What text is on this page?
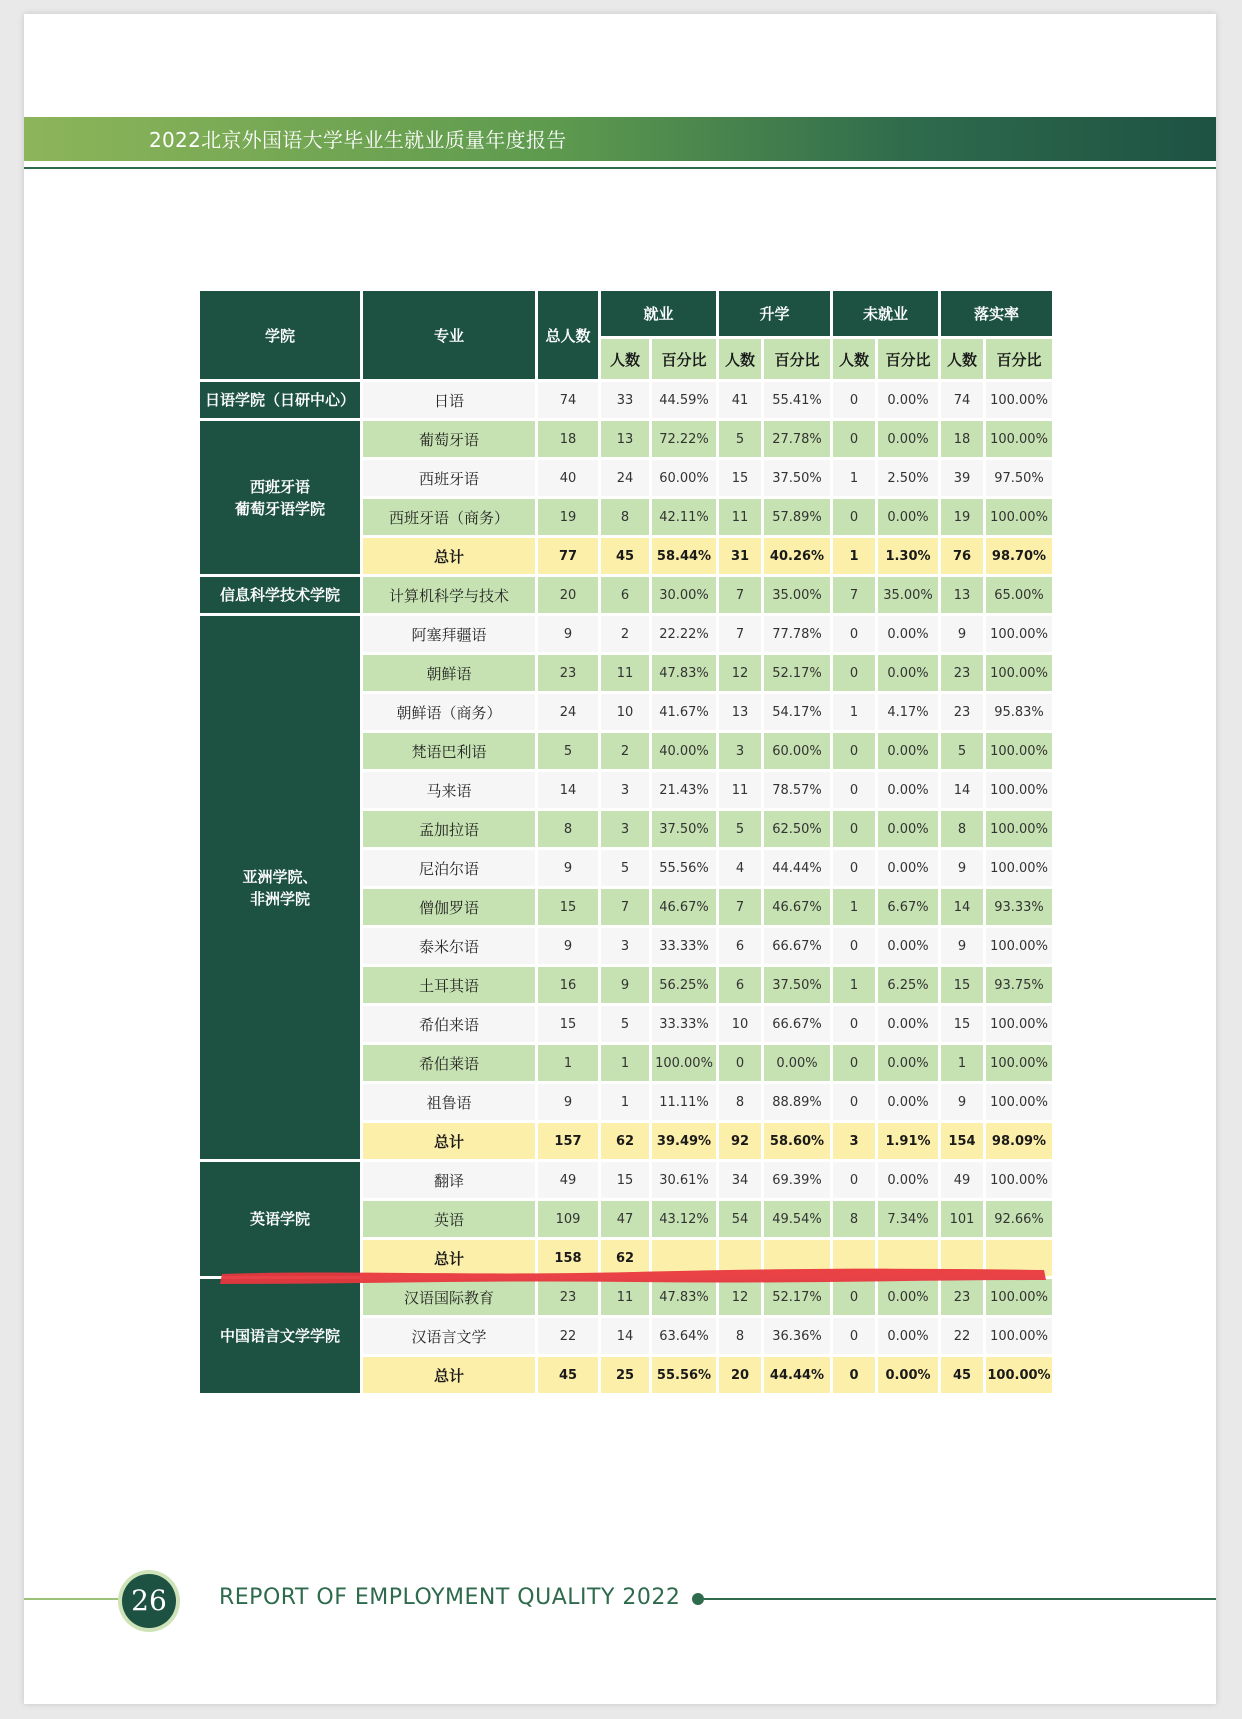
2022北京外国语大学毕业生就业质量年度报告
学院	专业	总人数	就业		升学		未就业		落实率	
			人数	百分比	人数	百分比	人数	百分比	人数	百分比
日语学院（日研中心）	日语	74	33	44.59%	41	55.41%	0	0.00%	74	100.00%
西班牙语
葡萄牙语学院	葡萄牙语	18	13	72.22%	5	27.78%	0	0.00%	18	100.00%
	西班牙语	40	24	60.00%	15	37.50%	1	2.50%	39	97.50%
	西班牙语（商务）	19	8	42.11%	11	57.89%	0	0.00%	19	100.00%
	总计	77	45	58.44%	31	40.26%	1	1.30%	76	98.70%
信息科学技术学院	计算机科学与技术	20	6	30.00%	7	35.00%	7	35.00%	13	65.00%
亚洲学院、
非洲学院	阿塞拜疆语	9	2	22.22%	7	77.78%	0	0.00%	9	100.00%
	朝鲜语	23	11	47.83%	12	52.17%	0	0.00%	23	100.00%
	朝鲜语（商务）	24	10	41.67%	13	54.17%	1	4.17%	23	95.83%
	梵语巴利语	5	2	40.00%	3	60.00%	0	0.00%	5	100.00%
	马来语	14	3	21.43%	11	78.57%	0	0.00%	14	100.00%
	孟加拉语	8	3	37.50%	5	62.50%	0	0.00%	8	100.00%
	尼泊尔语	9	5	55.56%	4	44.44%	0	0.00%	9	100.00%
	僧伽罗语	15	7	46.67%	7	46.67%	1	6.67%	14	93.33%
	泰米尔语	9	3	33.33%	6	66.67%	0	0.00%	9	100.00%
	土耳其语	16	9	56.25%	6	37.50%	1	6.25%	15	93.75%
	希伯来语	15	5	33.33%	10	66.67%	0	0.00%	15	100.00%
	希伯莱语	1	1	100.00%	0	0.00%	0	0.00%	1	100.00%
	祖鲁语	9	1	11.11%	8	88.89%	0	0.00%	9	100.00%
	总计	157	62	39.49%	92	58.60%	3	1.91%	154	98.09%
英语学院	翻译	49	15	30.61%	34	69.39%	0	0.00%	49	100.00%
	英语	109	47	43.12%	54	49.54%	8	7.34%	101	92.66%
	总计	158	62							
中国语言文学学院	汉语国际教育	23	11	47.83%	12	52.17%	0	0.00%	23	100.00%
	汉语言文学	22	14	63.64%	8	36.36%	0	0.00%	22	100.00%
	总计	45	25	55.56%	20	44.44%	0	0.00%	45	100.00%
26	REPORT OF EMPLOYMENT QUALITY 2022
